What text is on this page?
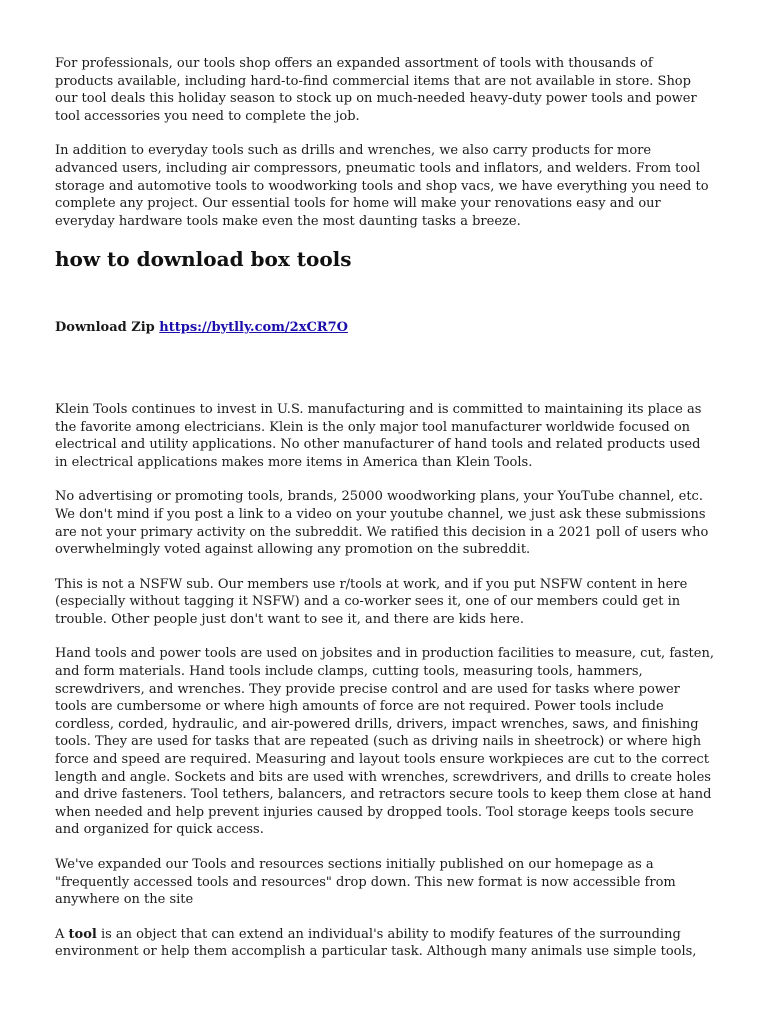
For professionals, our tools shop offers an expanded assortment of tools with thousands of products available, including hard-to-find commercial items that are not available in store. Shop our tool deals this holiday season to stock up on much-needed heavy-duty power tools and power tool accessories you need to complete the job.

In addition to everyday tools such as drills and wrenches, we also carry products for more advanced users, including air compressors, pneumatic tools and inflators, and welders. From tool storage and automotive tools to woodworking tools and shop vacs, we have everything you need to complete any project. Our essential tools for home will make your renovations easy and our everyday hardware tools make even the most daunting tasks a breeze.

how to download box tools
Download Zip https://bytlly.com/2xCR7O

Klein Tools continues to invest in U.S. manufacturing and is committed to maintaining its place as the favorite among electricians. Klein is the only major tool manufacturer worldwide focused on electrical and utility applications. No other manufacturer of hand tools and related products used in electrical applications makes more items in America than Klein Tools.

No advertising or promoting tools, brands, 25000 woodworking plans, your YouTube channel, etc. We don't mind if you post a link to a video on your youtube channel, we just ask these submissions are not your primary activity on the subreddit. We ratified this decision in a 2021 poll of users who overwhelmingly voted against allowing any promotion on the subreddit.

This is not a NSFW sub. Our members use r/tools at work, and if you put NSFW content in here (especially without tagging it NSFW) and a co-worker sees it, one of our members could get in trouble. Other people just don't want to see it, and there are kids here.

Hand tools and power tools are used on jobsites and in production facilities to measure, cut, fasten, and form materials. Hand tools include clamps, cutting tools, measuring tools, hammers, screwdrivers, and wrenches. They provide precise control and are used for tasks where power tools are cumbersome or where high amounts of force are not required. Power tools include cordless, corded, hydraulic, and air-powered drills, drivers, impact wrenches, saws, and finishing tools. They are used for tasks that are repeated (such as driving nails in sheetrock) or where high force and speed are required. Measuring and layout tools ensure workpieces are cut to the correct length and angle. Sockets and bits are used with wrenches, screwdrivers, and drills to create holes and drive fasteners. Tool tethers, balancers, and retractors secure tools to keep them close at hand when needed and help prevent injuries caused by dropped tools. Tool storage keeps tools secure and organized for quick access.

We've expanded our Tools and resources sections initially published on our homepage as a "frequently accessed tools and resources" drop down. This new format is now accessible from anywhere on the site

A tool is an object that can extend an individual's ability to modify features of the surrounding environment or help them accomplish a particular task. Although many animals use simple tools,
